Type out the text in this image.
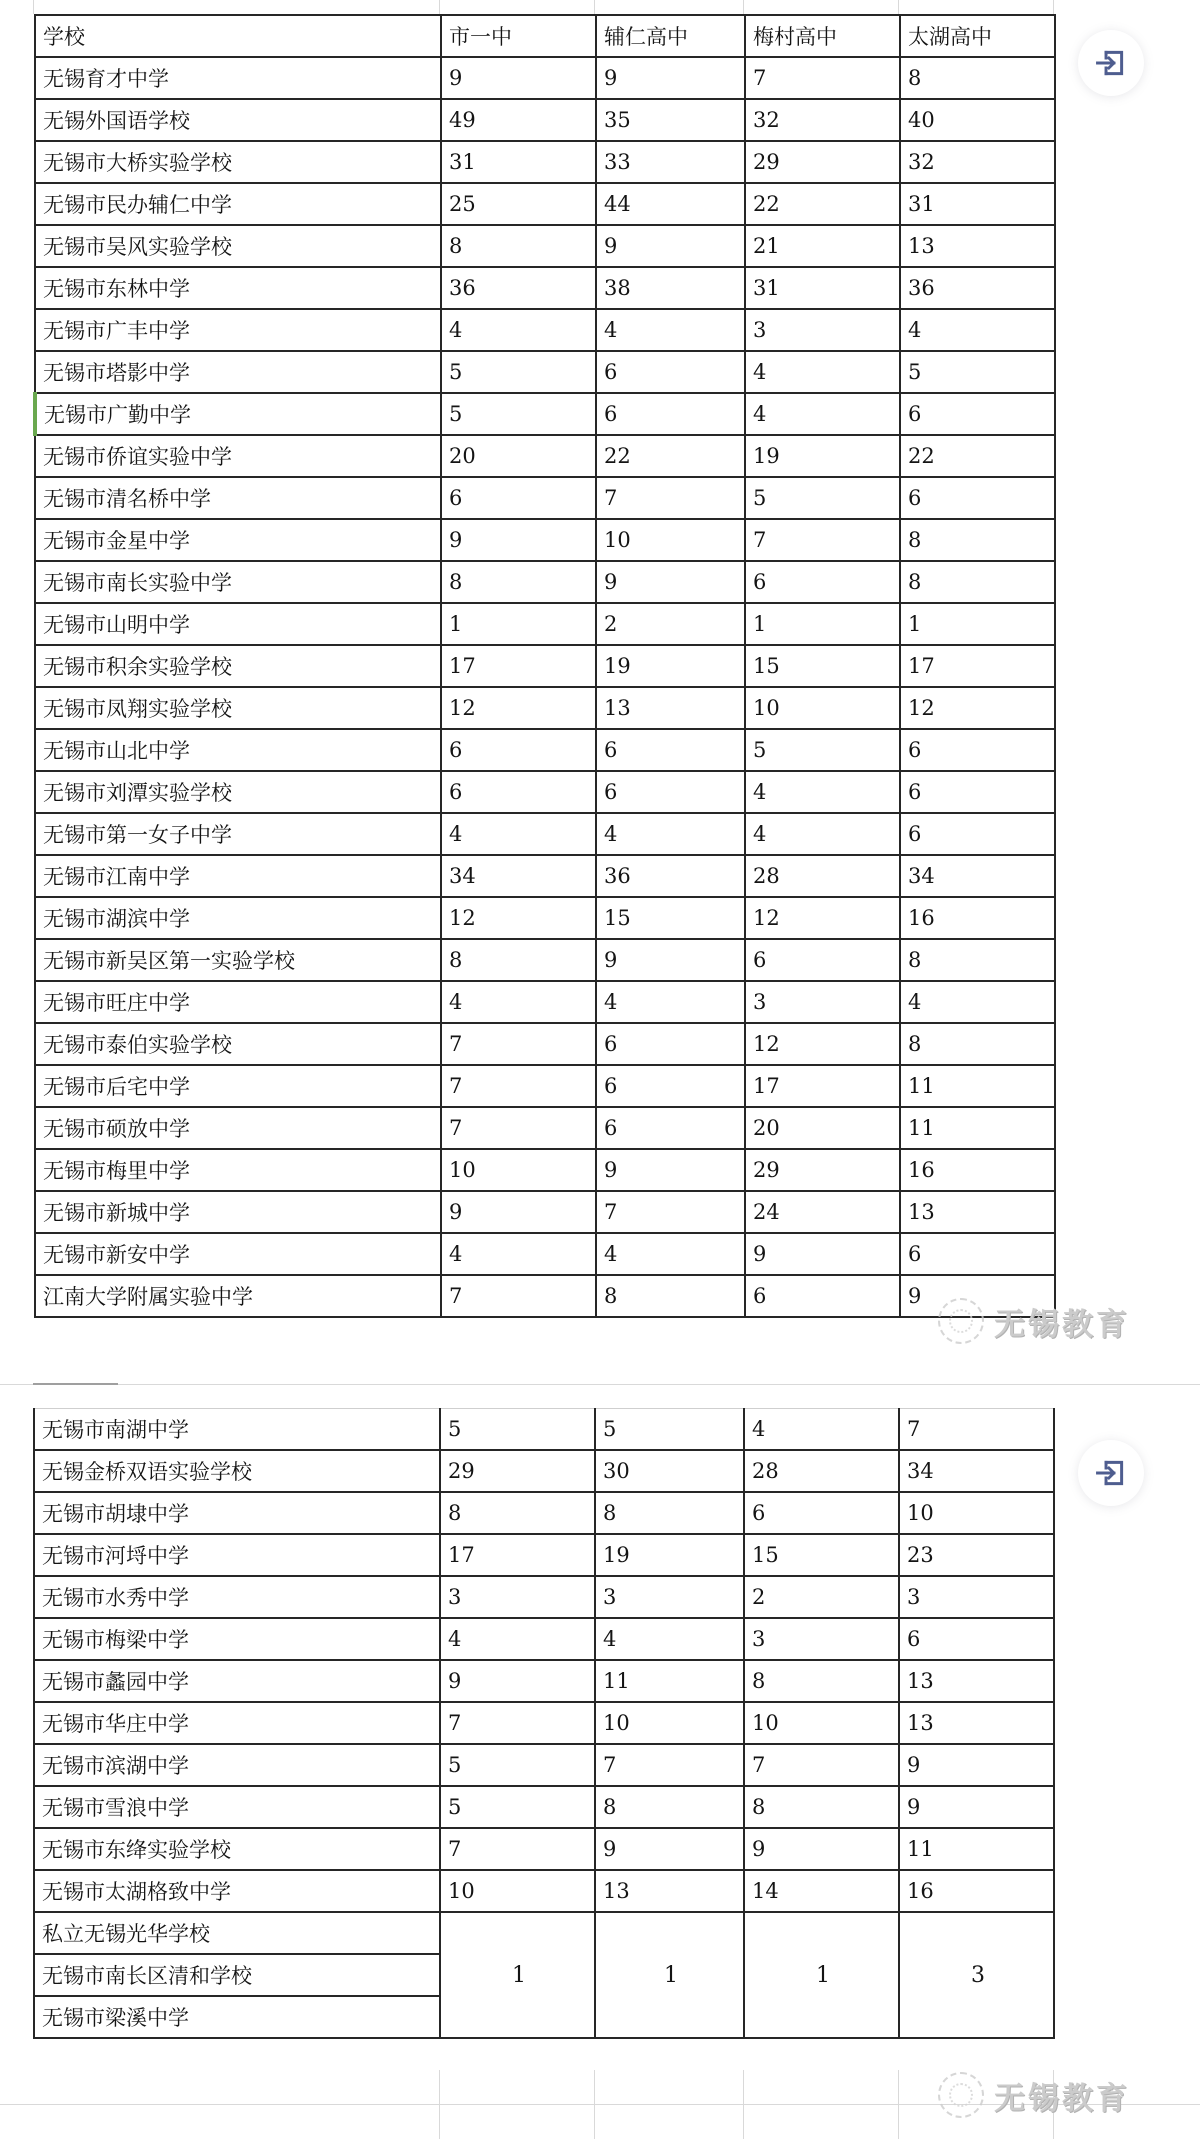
学校	市一中	辅仁高中	梅村高中	太湖高中
无锡育才中学	9	9	7	8
无锡外国语学校	49	35	32	40
无锡市大桥实验学校	31	33	29	32
无锡市民办辅仁中学	25	44	22	31
无锡市吴风实验学校	8	9	21	13
无锡市东林中学	36	38	31	36
无锡市广丰中学	4	4	3	4
无锡市塔影中学	5	6	4	5
无锡市广勤中学	5	6	4	6
无锡市侨谊实验中学	20	22	19	22
无锡市清名桥中学	6	7	5	6
无锡市金星中学	9	10	7	8
无锡市南长实验中学	8	9	6	8
无锡市山明中学	1	2	1	1
无锡市积余实验学校	17	19	15	17
无锡市凤翔实验学校	12	13	10	12
无锡市山北中学	6	6	5	6
无锡市刘潭实验学校	6	6	4	6
无锡市第一女子中学	4	4	4	6
无锡市江南中学	34	36	28	34
无锡市湖滨中学	12	15	12	16
无锡市新吴区第一实验学校	8	9	6	8
无锡市旺庄中学	4	4	3	4
无锡市泰伯实验学校	7	6	12	8
无锡市后宅中学	7	6	17	11
无锡市硕放中学	7	6	20	11
无锡市梅里中学	10	9	29	16
无锡市新城中学	9	7	24	13
无锡市新安中学	4	4	9	6
江南大学附属实验中学	7	8	6	9
无锡教育
无锡市南湖中学	5	5	4	7
无锡金桥双语实验学校	29	30	28	34
无锡市胡埭中学	8	8	6	10
无锡市河埒中学	17	19	15	23
无锡市水秀中学	3	3	2	3
无锡市梅梁中学	4	4	3	6
无锡市蠡园中学	9	11	8	13
无锡市华庄中学	7	10	10	13
无锡市滨湖中学	5	7	7	9
无锡市雪浪中学	5	8	8	9
无锡市东绛实验学校	7	9	9	11
无锡市太湖格致中学	10	13	14	16
私立无锡光华学校	1	1	1	3
无锡市南长区清和学校				
无锡市梁溪中学				
无锡教育
